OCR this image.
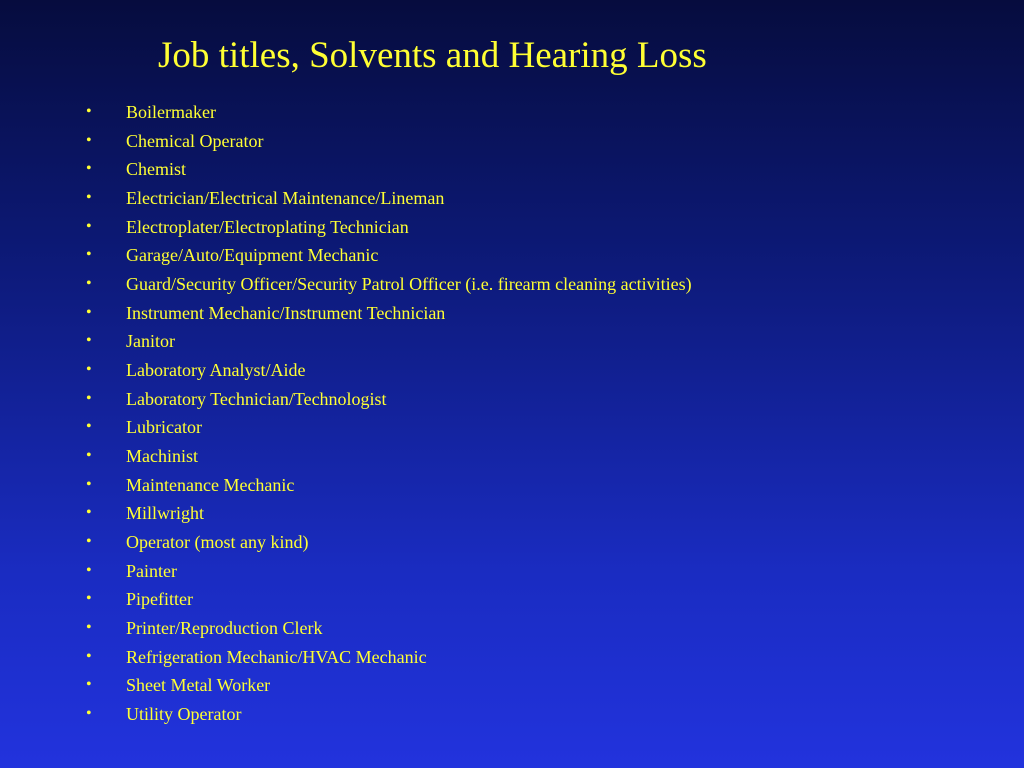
Job titles, Solvents and Hearing Loss
• Boilermaker
• Chemical Operator
• Chemist
• Electrician/Electrical Maintenance/Lineman
• Electroplater/Electroplating Technician
• Garage/Auto/Equipment Mechanic
• Guard/Security Officer/Security Patrol Officer (i.e. firearm cleaning activities)
• Instrument Mechanic/Instrument Technician
• Janitor
• Laboratory Analyst/Aide
• Laboratory Technician/Technologist
• Lubricator
• Machinist
• Maintenance Mechanic
• Millwright
• Operator (most any kind)
• Painter
• Pipefitter
• Printer/Reproduction Clerk
• Refrigeration Mechanic/HVAC Mechanic
• Sheet Metal Worker
• Utility Operator
